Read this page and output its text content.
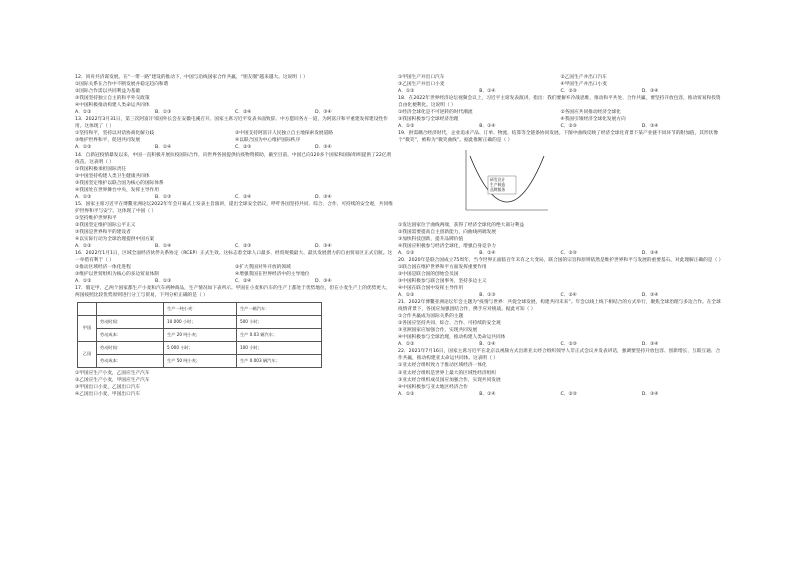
12．同舟共济谋发展。在“一带一路”建设的推动下，中国与沿线国家合作共赢，“朋友圈”越来越大。这说明（ ）
①国际关系在合作中不断发展并稳定趋向和谐
②国际合作需以共同利益为基础
③我国坚持独立自主的和平外交政策
④中国积极推动构建人类命运共同体
A．①②	B．①③	C．②④	D．③④
13．2022年3月31日，第三次阿富汗邻国外长会在安徽屯溪召开。国家主席习近平发表书面致辞。中方愿同各方一道，为阿富汗和平重建发挥建设性作用。这体现了（ ）
①坚持和平，坚持以对话协商化解分歧	②中国支持阿富汗人民独立自主地探索发展道路
③维护世界和平，促进共同发展	④以联合国为中心维护国际秩序
A．①②	B．①④	C．②③	D．③④
14．自新冠疫情暴发以来，中国一直积极开展抗疫国际合作，向世界各国提供抗疫物资援助，截至目前，中国已向120多个国家和国际组织提供了22亿剂疫苗。这表明（ ）
①我国积极承担国际责任
②中国坚持构建人类卫生健康共同体
③我国坚定维护以联合国为核心的国际体系
④我国处在世界舞台中央，发挥主导作用
A．①②	B．①③	C．②④	D．③④
15．国家主席习近平在博鳌亚洲论坛2022年年会开幕式上发表主旨演讲，提出全球安全倡议，呼吁各国坚持共同、综合、合作、可持续的安全观，共同维护世界和平与安宁。这体现了中国（ ）
①坚持维护世界和平
②我国坚定维护国际公平正义
③我国是世界和平的建设者
④以实际行动为全球治理提供中国方案
A．①②	B．①④	C．②③	D．③④
16．2022年1月1日，区域全面经济伙伴关系协定（RCEP）正式生效。这标志着全球人口最多、经贸规模最大、最具发展潜力的自由贸易区正式启航。这一举措有利于（ ）
①推动区域经济一体化进程	②扩大我国对外开放的领域
③维护以世贸组织为核心的多边贸易体制	④增强我国在世界经济中的主导地位
A．①②	B．①③	C．②④	D．③④
17．假定甲、乙两个国家都生产小麦和汽车两种商品，生产情况如下表所示。甲国在小麦和汽车的生产上都处于优势地位，但在小麦生产上的优势更大。两国按照比较优势原则进行分工与贸易，下列分析正确的是（ ）
		生产一吨小麦：	生产一辆汽车：
甲国	劳动时间：	10 000 小时；	500 小时；
	劳动成本：	生产 20 吨小麦；	生产 0.03 辆汽车；
乙国	劳动时间：	5 000 小时；	100 小时；
	劳动成本：	生产 50 吨小麦；	生产 0.003 辆汽车；
①甲国应生产小麦，乙国应生产汽车
②乙国应生产小麦，甲国应生产汽车
③甲国出口小麦，乙国出口汽车
④乙国出口小麦，甲国出口汽车
①甲国生产并出口汽车	②乙国生产并出口汽车
③乙国生产并出口小麦	④甲国生产并出口小麦
A．①②	B．①④	C．②③	D．③④
18．在2022年世界经济论坛视频会议上，习近平主席发表演讲，指出：我们要摒弃冷战思维，推动和平共处、合作共赢，要坚持开放包容，推动贸易和投资自由化便利化。这说明（ ）
①经济全球化是不可逆转的时代潮流	②各国应共同推动经济全球化
③我国积极参与全球经济治理	④我国引领经济全球化发展方向
A．①②	B．①④	C．②③	D．③④
19．供需耦合经济时代，企业追求产品、订单、物流、结算等全链条协同发展。下图中曲线反映了经济全球化背景下某产业链不同环节的附加值，其形状像个“微笑”，被称为“微笑曲线”。据此推断正确的是（ ）
研发设计
生产制造
品牌服务
①发达国家位于曲线两端，获得了经济全球化的绝大部分利益
②我国需要提高自主创新能力，向曲线两端发展
③加快科技创新，提升品牌价值
④我国应积极参与经济全球化，增强自身竞争力
A．①②	B．①④	C．②③	D．③④
20．2020年是联合国成立75周年，当今世界正面临百年未有之大变局，联合国的宗旨和原则依然是维护世界和平与发展的重要基石。对此理解正确的是（ ）
①联合国在维护世界和平方面发挥重要作用
②中国是联合国的创始会员国
③中国积极参与联合国事务，坚持多边主义
④中国在联合国中发挥主导作用
A．①②	B．①③	C．②④	D．③④
21．2022年博鳌亚洲论坛年会主题为“疫情与世界：共促全球发展，构建共同未来”。年会以线上线下相结合的方式举行，聚焦全球治理与多边合作。在全球疫情背景下，各国应加强团结合作，携手应对挑战。据此可知（ ）
①合作共赢成为国际关系的主题
②各国应坚持共同、综合、合作、可持续的安全观
③亚洲国家应加强合作，实现共同发展
④中国积极参与全球治理，推动构建人类命运共同体
A．①②	B．①④	C．②③	D．③④
22．2021年7月16日，国家主席习近平在北京以视频方式出席亚太经合组织领导人非正式会议并发表讲话，强调要坚持开放包容、创新增长、互联互通、合作共赢，推动构建亚太命运共同体。这表明（ ）
①亚太经合组织致力于推动区域经济一体化
②亚太经合组织是世界上最大的区域性经济组织
③亚太经合组织成员国应加强合作，实现共同发展
④中国积极参与亚太地区经济合作
A．①②	B．①④	C．②③	D．③④
